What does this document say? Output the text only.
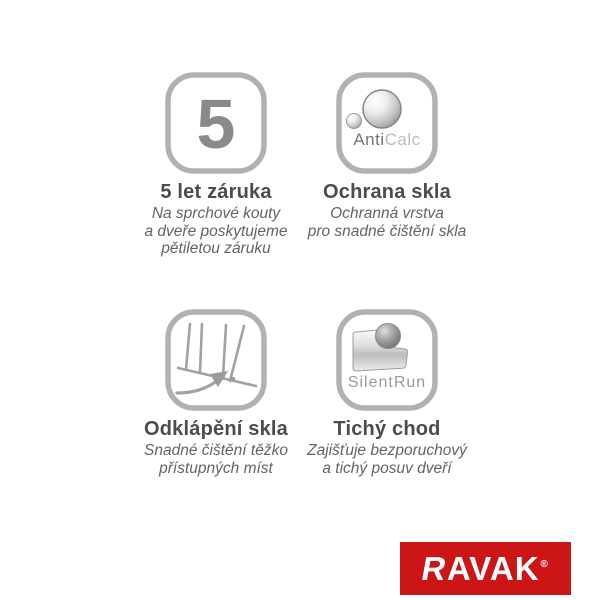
5
5 let záruka
Na sprchové kouty
a dveře poskytujeme
pětiletou záruku
AntiCalc
Ochrana skla
Ochranná vrstva
pro snadné čištění skla
Odklápění skla
Snadné čištění těžko
přístupných míst
SilentRun
Tichý chod
Zajišťuje bezporuchový
a tichý posuv dveří
RAVAK®
